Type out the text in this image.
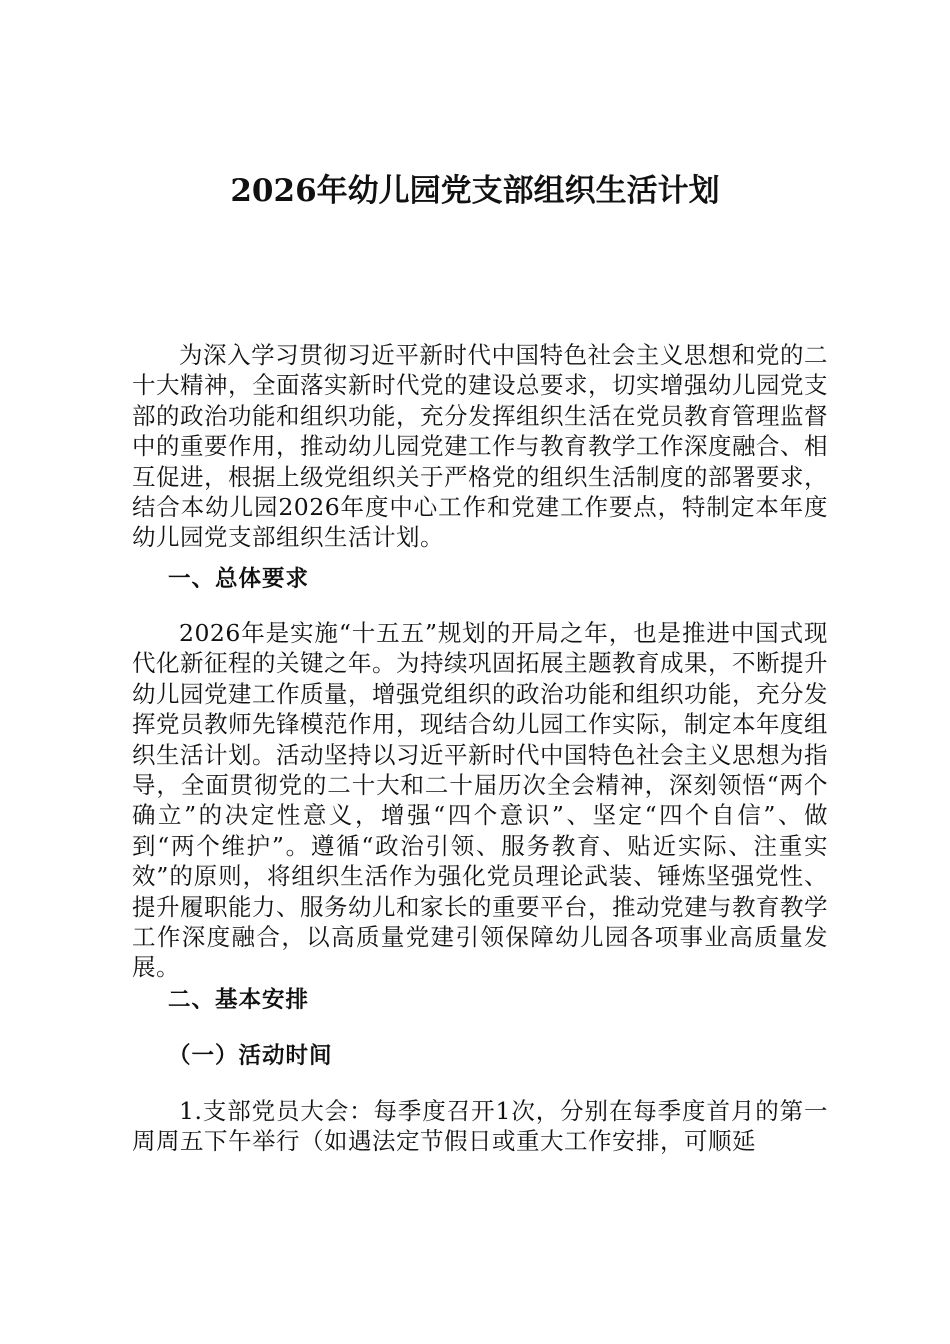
2026年幼儿园党支部组织生活计划

为深入学习贯彻习近平新时代中国特色社会主义思想和党的二十大精神，全面落实新时代党的建设总要求，切实增强幼儿园党支部的政治功能和组织功能，充分发挥组织生活在党员教育管理监督中的重要作用，推动幼儿园党建工作与教育教学工作深度融合、相互促进，根据上级党组织关于严格党的组织生活制度的部署要求，结合本幼儿园2026年度中心工作和党建工作要点，特制定本年度幼儿园党支部组织生活计划。

一、总体要求

2026年是实施“十五五”规划的开局之年，也是推进中国式现代化新征程的关键之年。为持续巩固拓展主题教育成果，不断提升幼儿园党建工作质量，增强党组织的政治功能和组织功能，充分发挥党员教师先锋模范作用，现结合幼儿园工作实际，制定本年度组织生活计划。活动坚持以习近平新时代中国特色社会主义思想为指导，全面贯彻党的二十大和二十届历次全会精神，深刻领悟“两个确立”的决定性意义，增强“四个意识”、坚定“四个自信”、做到“两个维护”。遵循“政治引领、服务教育、贴近实际、注重实效”的原则，将组织生活作为强化党员理论武装、锤炼坚强党性、提升履职能力、服务幼儿和家长的重要平台，推动党建与教育教学工作深度融合，以高质量党建引领保障幼儿园各项事业高质量发展。

二、基本安排
（一）活动时间

1.支部党员大会：每季度召开1次，分别在每季度首月的第一周周五下午举行（如遇法定节假日或重大工作安排，可顺延
